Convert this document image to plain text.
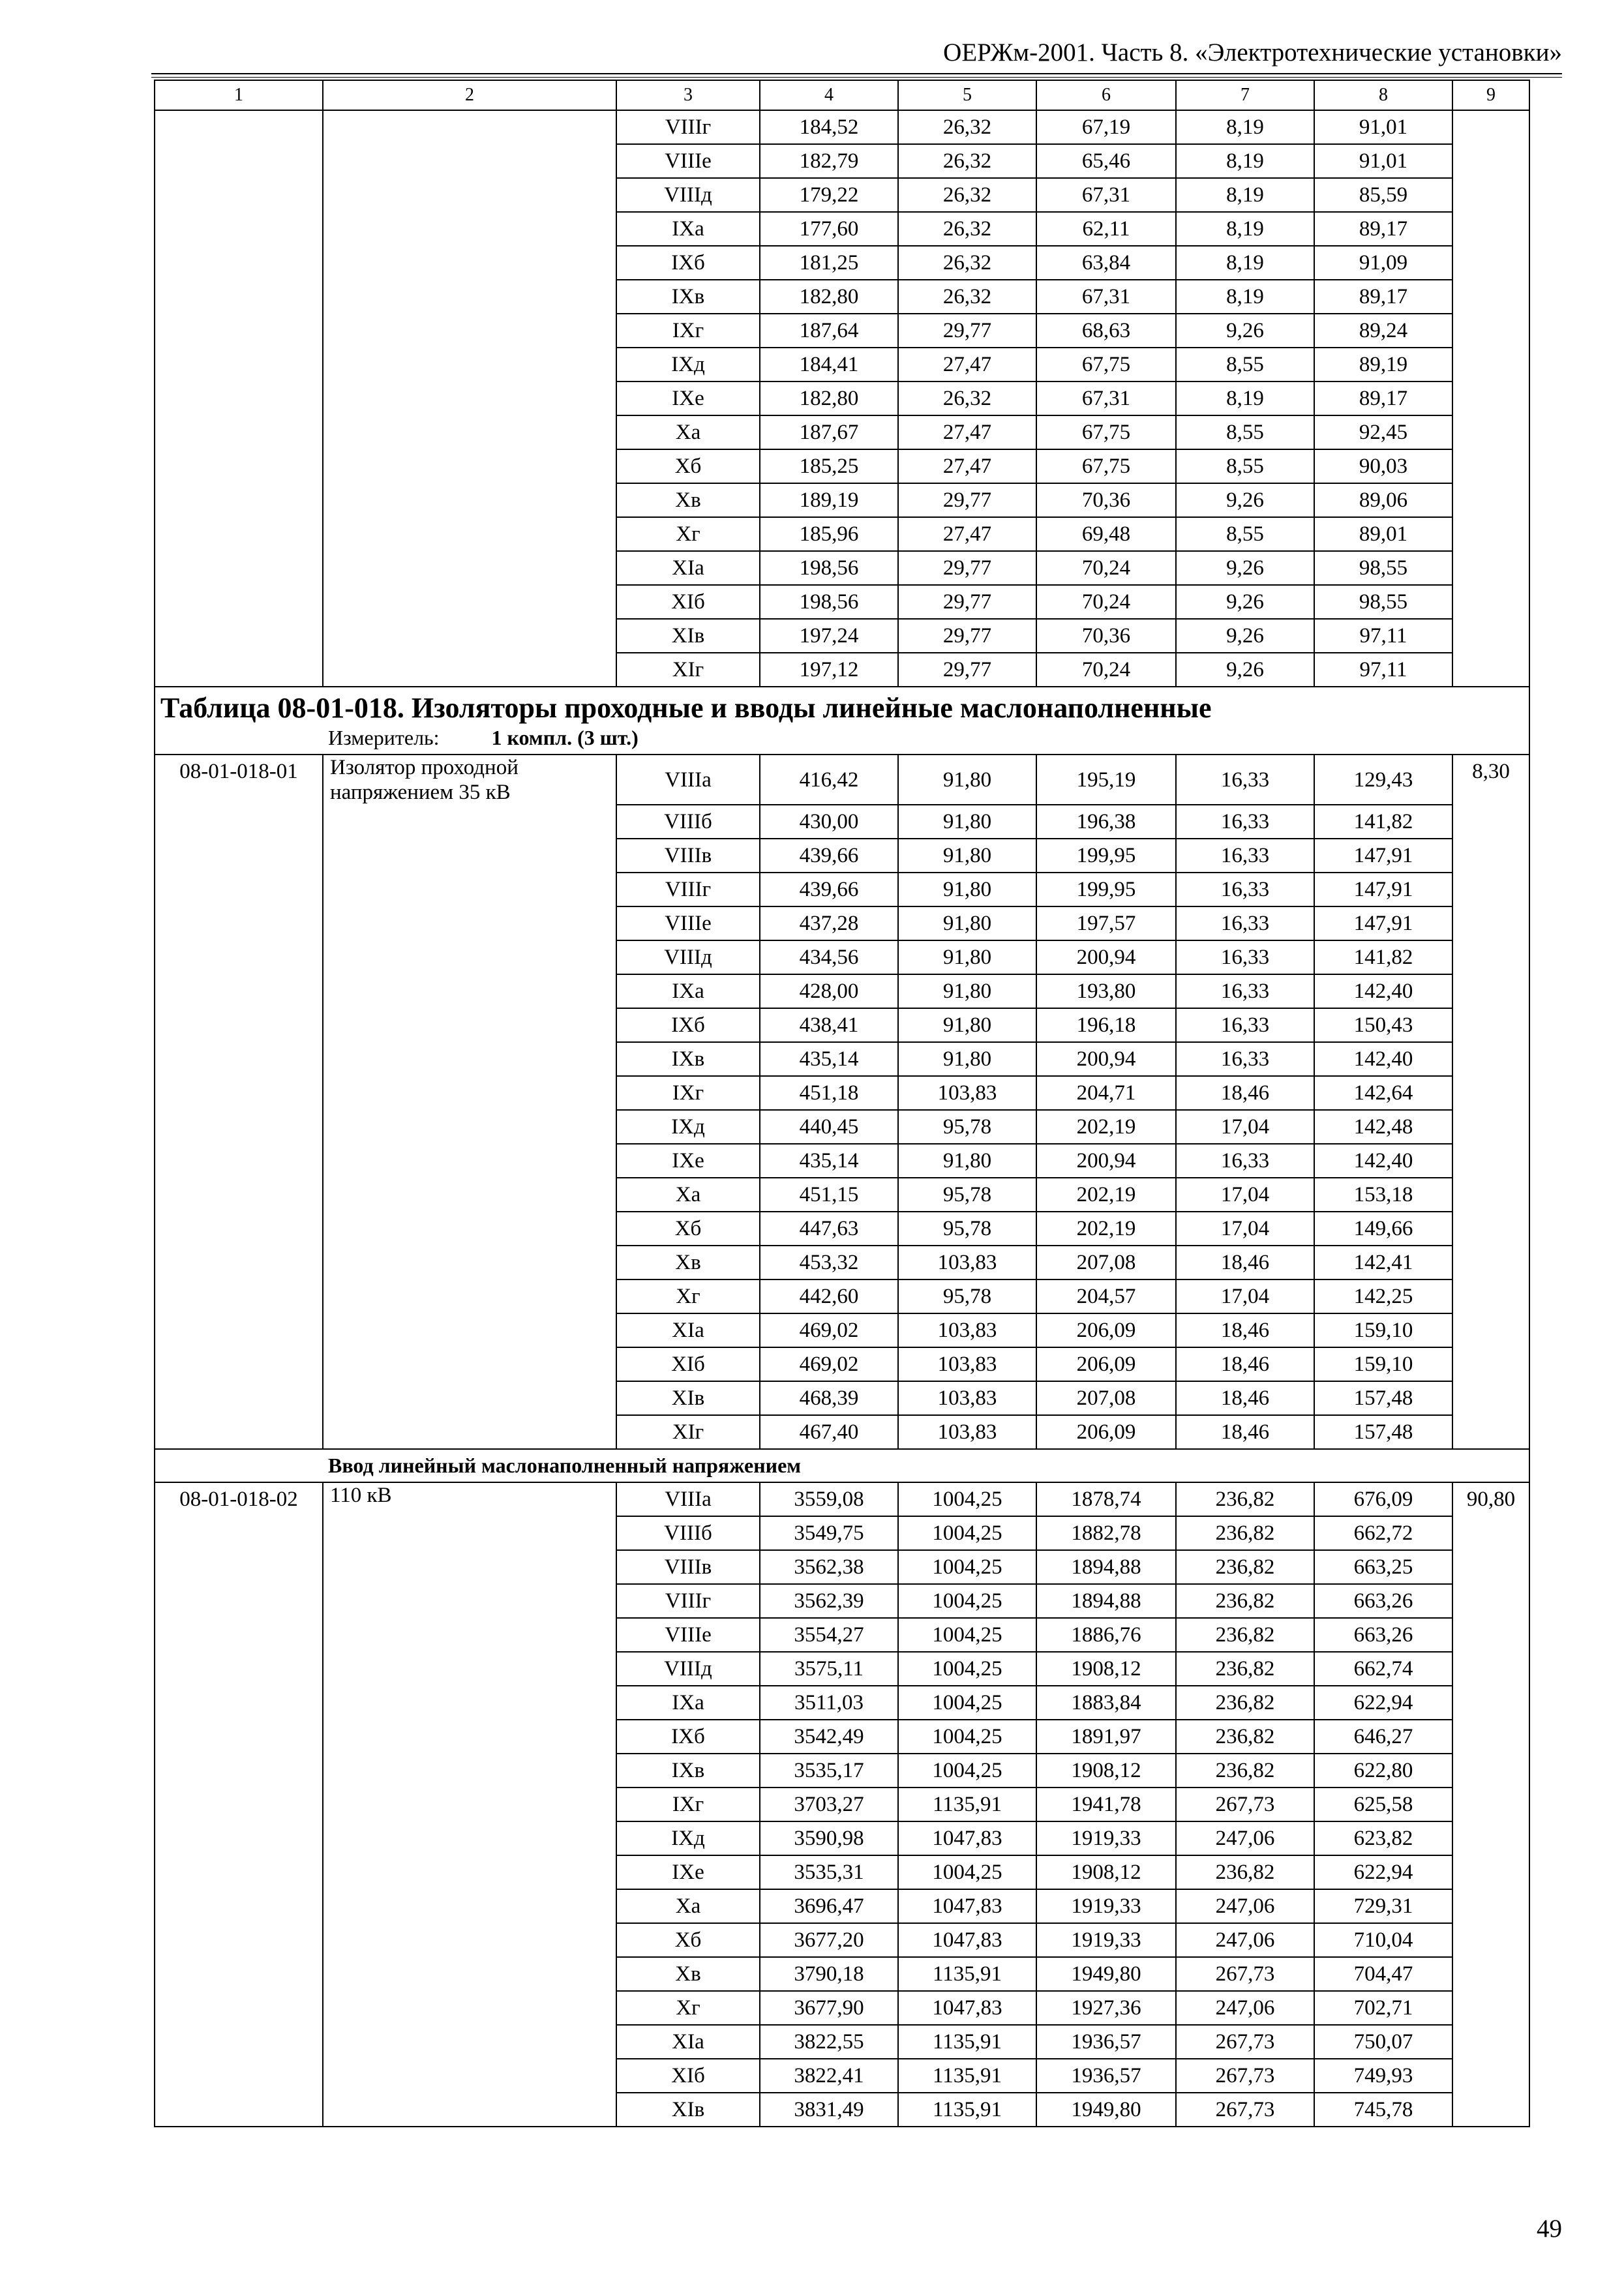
ОЕРЖм-2001. Часть 8. «Электротехнические установки»
1	2	3	4	5	6	7	8	9
		VIIIг	184,52	26,32	67,19	8,19	91,01	
		VIIIе	182,79	26,32	65,46	8,19	91,01	
		VIIIд	179,22	26,32	67,31	8,19	85,59	
		IXа	177,60	26,32	62,11	8,19	89,17	
		IXб	181,25	26,32	63,84	8,19	91,09	
		IXв	182,80	26,32	67,31	8,19	89,17	
		IXг	187,64	29,77	68,63	9,26	89,24	
		IXд	184,41	27,47	67,75	8,55	89,19	
		IXе	182,80	26,32	67,31	8,19	89,17	
		Xа	187,67	27,47	67,75	8,55	92,45	
		Xб	185,25	27,47	67,75	8,55	90,03	
		Xв	189,19	29,77	70,36	9,26	89,06	
		Xг	185,96	27,47	69,48	8,55	89,01	
		XIа	198,56	29,77	70,24	9,26	98,55	
		XIб	198,56	29,77	70,24	9,26	98,55	
		XIв	197,24	29,77	70,36	9,26	97,11	
		XIг	197,12	29,77	70,24	9,26	97,11	

Таблица 08-01-018. Изоляторы проходные и вводы линейные маслонаполненные
Измеритель: 1 компл. (3 шт.)								

08-01-018-01	Изолятор проходной напряжением 35 кВ	VIIIа	416,42	91,80	195,19	16,33	129,43	8,30
		VIIIб	430,00	91,80	196,38	16,33	141,82	
		VIIIв	439,66	91,80	199,95	16,33	147,91	
		VIIIг	439,66	91,80	199,95	16,33	147,91	
		VIIIе	437,28	91,80	197,57	16,33	147,91	
		VIIIд	434,56	91,80	200,94	16,33	141,82	
		IXа	428,00	91,80	193,80	16,33	142,40	
		IXб	438,41	91,80	196,18	16,33	150,43	
		IXв	435,14	91,80	200,94	16,33	142,40	
		IXг	451,18	103,83	204,71	18,46	142,64	
		IXд	440,45	95,78	202,19	17,04	142,48	
		IXе	435,14	91,80	200,94	16,33	142,40	
		Xа	451,15	95,78	202,19	17,04	153,18	
		Xб	447,63	95,78	202,19	17,04	149,66	
		Xв	453,32	103,83	207,08	18,46	142,41	
		Xг	442,60	95,78	204,57	17,04	142,25	
		XIа	469,02	103,83	206,09	18,46	159,10	
		XIб	469,02	103,83	206,09	18,46	159,10	
		XIв	468,39	103,83	207,08	18,46	157,48	
		XIг	467,40	103,83	206,09	18,46	157,48	

Ввод линейный маслонаполненный напряжением								

08-01-018-02	110 кВ	VIIIа	3559,08	1004,25	1878,74	236,82	676,09	90,80
		VIIIб	3549,75	1004,25	1882,78	236,82	662,72	
		VIIIв	3562,38	1004,25	1894,88	236,82	663,25	
		VIIIг	3562,39	1004,25	1894,88	236,82	663,26	
		VIIIе	3554,27	1004,25	1886,76	236,82	663,26	
		VIIIд	3575,11	1004,25	1908,12	236,82	662,74	
		IXа	3511,03	1004,25	1883,84	236,82	622,94	
		IXб	3542,49	1004,25	1891,97	236,82	646,27	
		IXв	3535,17	1004,25	1908,12	236,82	622,80	
		IXг	3703,27	1135,91	1941,78	267,73	625,58	
		IXд	3590,98	1047,83	1919,33	247,06	623,82	
		IXе	3535,31	1004,25	1908,12	236,82	622,94	
		Xа	3696,47	1047,83	1919,33	247,06	729,31	
		Xб	3677,20	1047,83	1919,33	247,06	710,04	
		Xв	3790,18	1135,91	1949,80	267,73	704,47	
		Xг	3677,90	1047,83	1927,36	247,06	702,71	
		XIа	3822,55	1135,91	1936,57	267,73	750,07	
		XIб	3822,41	1135,91	1936,57	267,73	749,93	
		XIв	3831,49	1135,91	1949,80	267,73	745,78	
49
